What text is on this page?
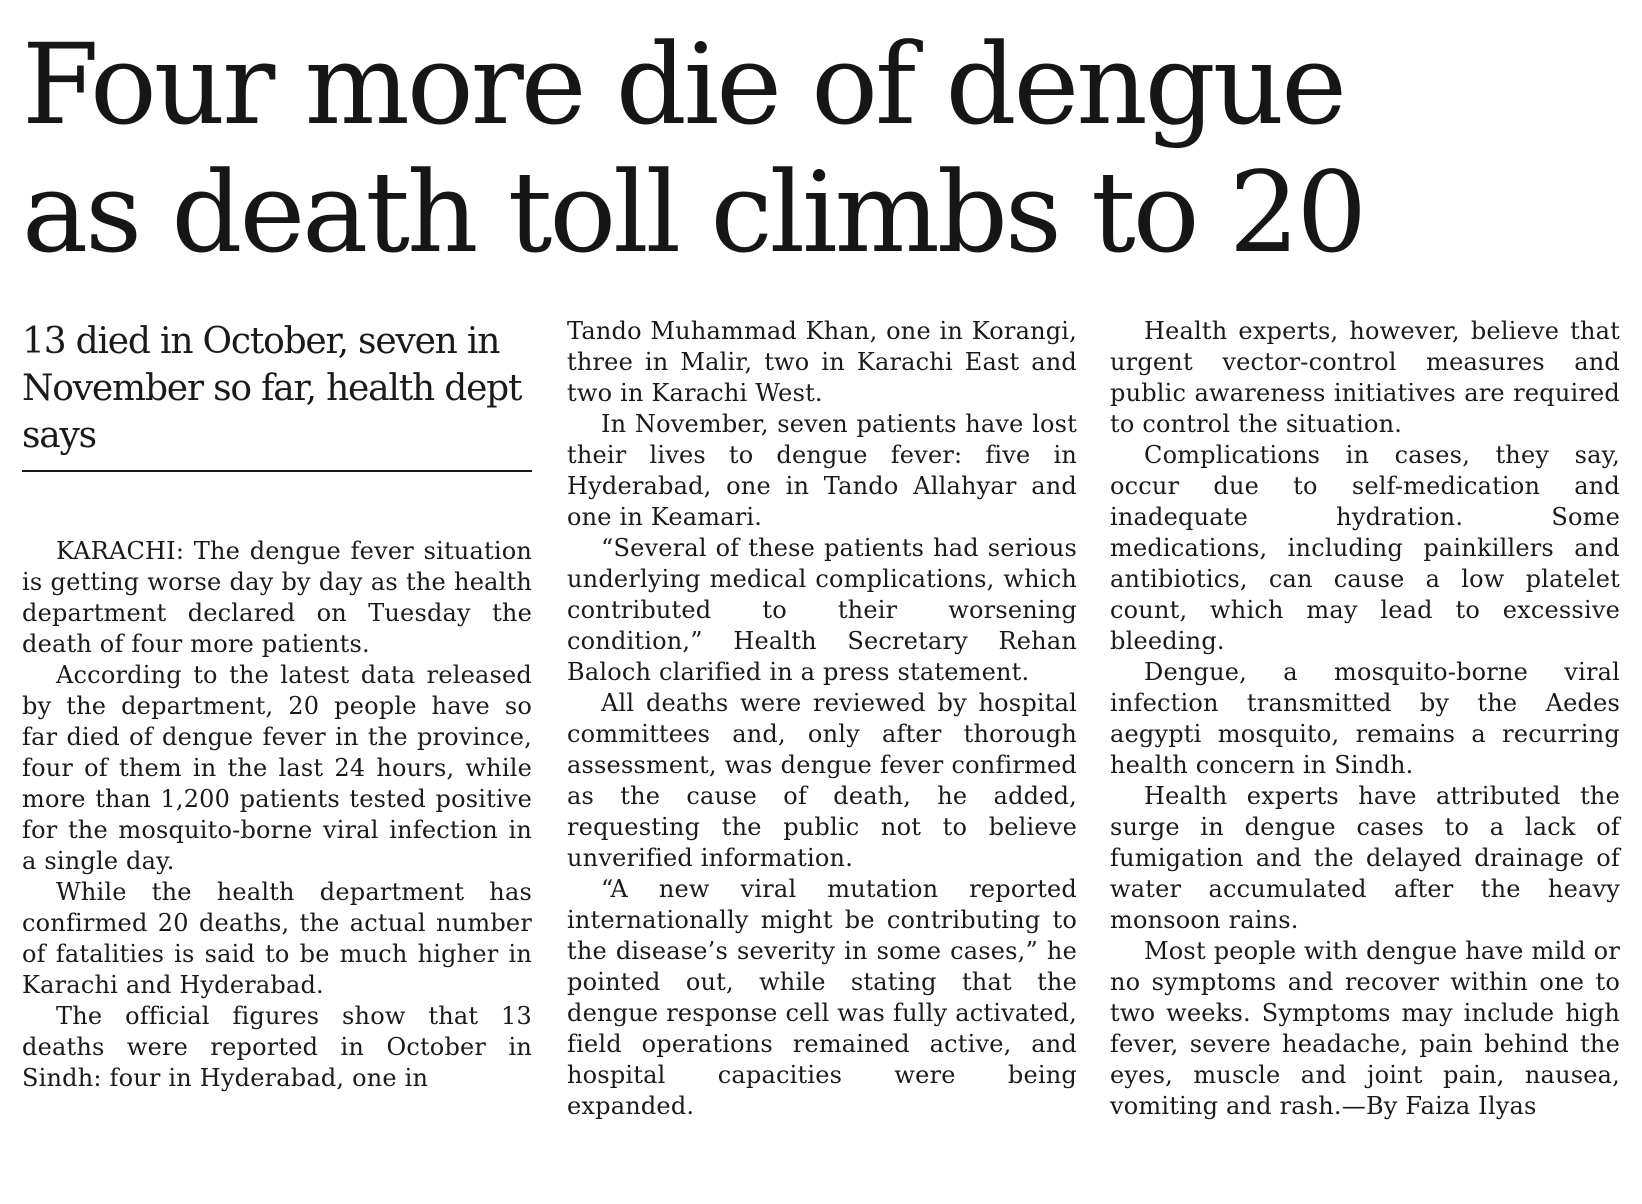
Four more die of dengue
as death toll climbs to 20
13 died in October, seven in November so far, health dept says

KARACHI: The dengue fever situation is getting worse day by day as the health department declared on Tuesday the death of four more patients.

According to the latest data released by the department, 20 people have so far died of dengue fever in the province, four of them in the last 24 hours, while more than 1,200 patients tested positive for the mosquito-borne viral infection in a single day.

While the health department has confirmed 20 deaths, the actual number of fatalities is said to be much higher in Karachi and Hyderabad.

The official figures show that 13 deaths were reported in October in Sindh: four in Hyderabad, one in

Tando Muhammad Khan, one in Korangi, three in Malir, two in Karachi East and two in Karachi West.

In November, seven patients have lost their lives to dengue fever: five in Hyderabad, one in Tando Allahyar and one in Keamari.

“Several of these patients had serious underlying medical complications, which contributed to their worsening condition,” Health Secretary Rehan Baloch clarified in a press statement.

All deaths were reviewed by hospital committees and, only after thorough assessment, was dengue fever confirmed as the cause of death, he added, requesting the public not to believe unverified information.

“A new viral mutation reported internationally might be contributing to the disease’s severity in some cases,” he pointed out, while stating that the dengue response cell was fully activated, field operations remained active, and hospital capacities were being expanded.

Health experts, however, believe that urgent vector-control measures and public awareness initiatives are required to control the situation.

Complications in cases, they say, occur due to self-medication and inadequate hydration. Some medications, including painkillers and antibiotics, can cause a low platelet count, which may lead to excessive bleeding.

Dengue, a mosquito-borne viral infection transmitted by the Aedes aegypti mosquito, remains a recurring health concern in Sindh.

Health experts have attributed the surge in dengue cases to a lack of fumigation and the delayed drainage of water accumulated after the heavy monsoon rains.

Most people with dengue have mild or no symptoms and recover within one to two weeks. Symptoms may include high fever, severe headache, pain behind the eyes, muscle and joint pain, nausea, vomiting and rash.—By Faiza Ilyas
